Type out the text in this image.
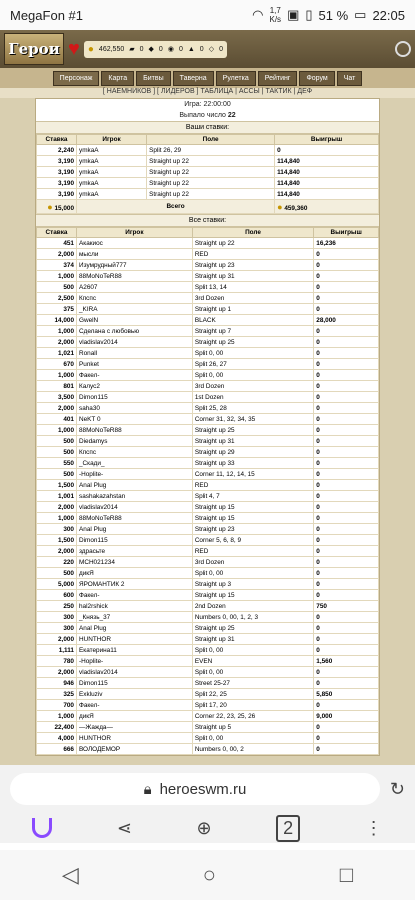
MegaFon #1	◠ 1,7
K/s ▣ ▯ 51 % ▭ 22:05
Герои ♥ ● 462,550 ▰ 0 ◆ 0 ◉ 0 ▲ 0 ◇ 0
Персонаж	Карта	Битвы	Таверна	Рулетка	Рейтинг	Форум	Чат
[ НАЕМНИКОВ ] [ ЛИДЕРОВ ] ТАБЛИЦА | АССЫ | ТАКТИК | ДЕФ
Игра: 22:00:00
Выпало число 22
Ваши ставки:
Ставка	Игрок	Поле	Выигрыш
2,240	ymkaA	Split 26, 29	0
3,190	ymkaA	Straight up 22	114,840
3,190	ymkaA	Straight up 22	114,840
3,190	ymkaA	Straight up 22	114,840
3,190	ymkaA	Straight up 22	114,840
● 15,000	Всего		● 459,360
Все ставки:
Ставка	Игрок	Поле	Выигрыш
451	Акакиос	Straight up 22	16,236
2,000	мысли	RED	0
374	Изумрудный777	Straight up 23	0
1,000	88MoNoTeR88	Straight up 31	0
500	A2607	Split 13, 14	0
2,500	Кпспс	3rd Dozen	0
375	_KIRA	Straight up 1	0
14,000	GwelN	BLACK	28,000
1,000	Сделана с любовью	Straight up 7	0
2,000	vladislav2014	Straight up 25	0
1,021	Ronall	Split 0, 00	0
670	Punket	Split 26, 27	0
1,000	Факел-	Split 0, 00	0
801	Калус2	3rd Dozen	0
3,500	Dimon115	1st Dozen	0
2,000	saha30	Split 25, 28	0
401	NeKT 0	Corner 31, 32, 34, 35	0
1,000	88MoNoTeR88	Straight up 25	0
500	Diedamys	Straight up 31	0
500	Кпспс	Straight up 29	0
550	_Скади_	Straight up 33	0
500	-Hoplite-	Corner 11, 12, 14, 15	0
1,500	Anal Plug	RED	0
1,001	sashakazahstan	Split 4, 7	0
2,000	vladislav2014	Straight up 15	0
1,000	88MoNoTeR88	Straight up 15	0
300	Anal Plug	Straight up 23	0
1,500	Dimon115	Corner 5, 6, 8, 9	0
2,000	здрасьте	RED	0
220	MCH021234	3rd Dozen	0
500	дикЯ	Split 0, 00	0
5,000	ЯРОМАНТИК 2	Straight up 3	0
600	Факел-	Straight up 15	0
250	hal2rshick	2nd Dozen	750
300	_Князь_37	Numbers 0, 00, 1, 2, 3	0
300	Anal Plug	Straight up 25	0
2,000	HUNTHOR	Straight up 31	0
1,111	Екатерина11	Split 0, 00	0
780	-Hoplite-	EVEN	1,560
2,000	vladislav2014	Split 0, 00	0
946	Dimon115	Street 25-27	0
325	Exkluziv	Split 22, 25	5,850
700	Факел-	Split 17, 20	0
1,000	дикЯ	Corner 22, 23, 25, 26	9,000
22,400	—Жажда—	Straight up 5	0
4,000	HUNTHOR	Split 0, 00	0
666	ВОЛОДЕМОР	Numbers 0, 00, 2	0
🔒︎ heroeswm.ru	↻
⋖	⊕	2	⋮
◁	○	□
